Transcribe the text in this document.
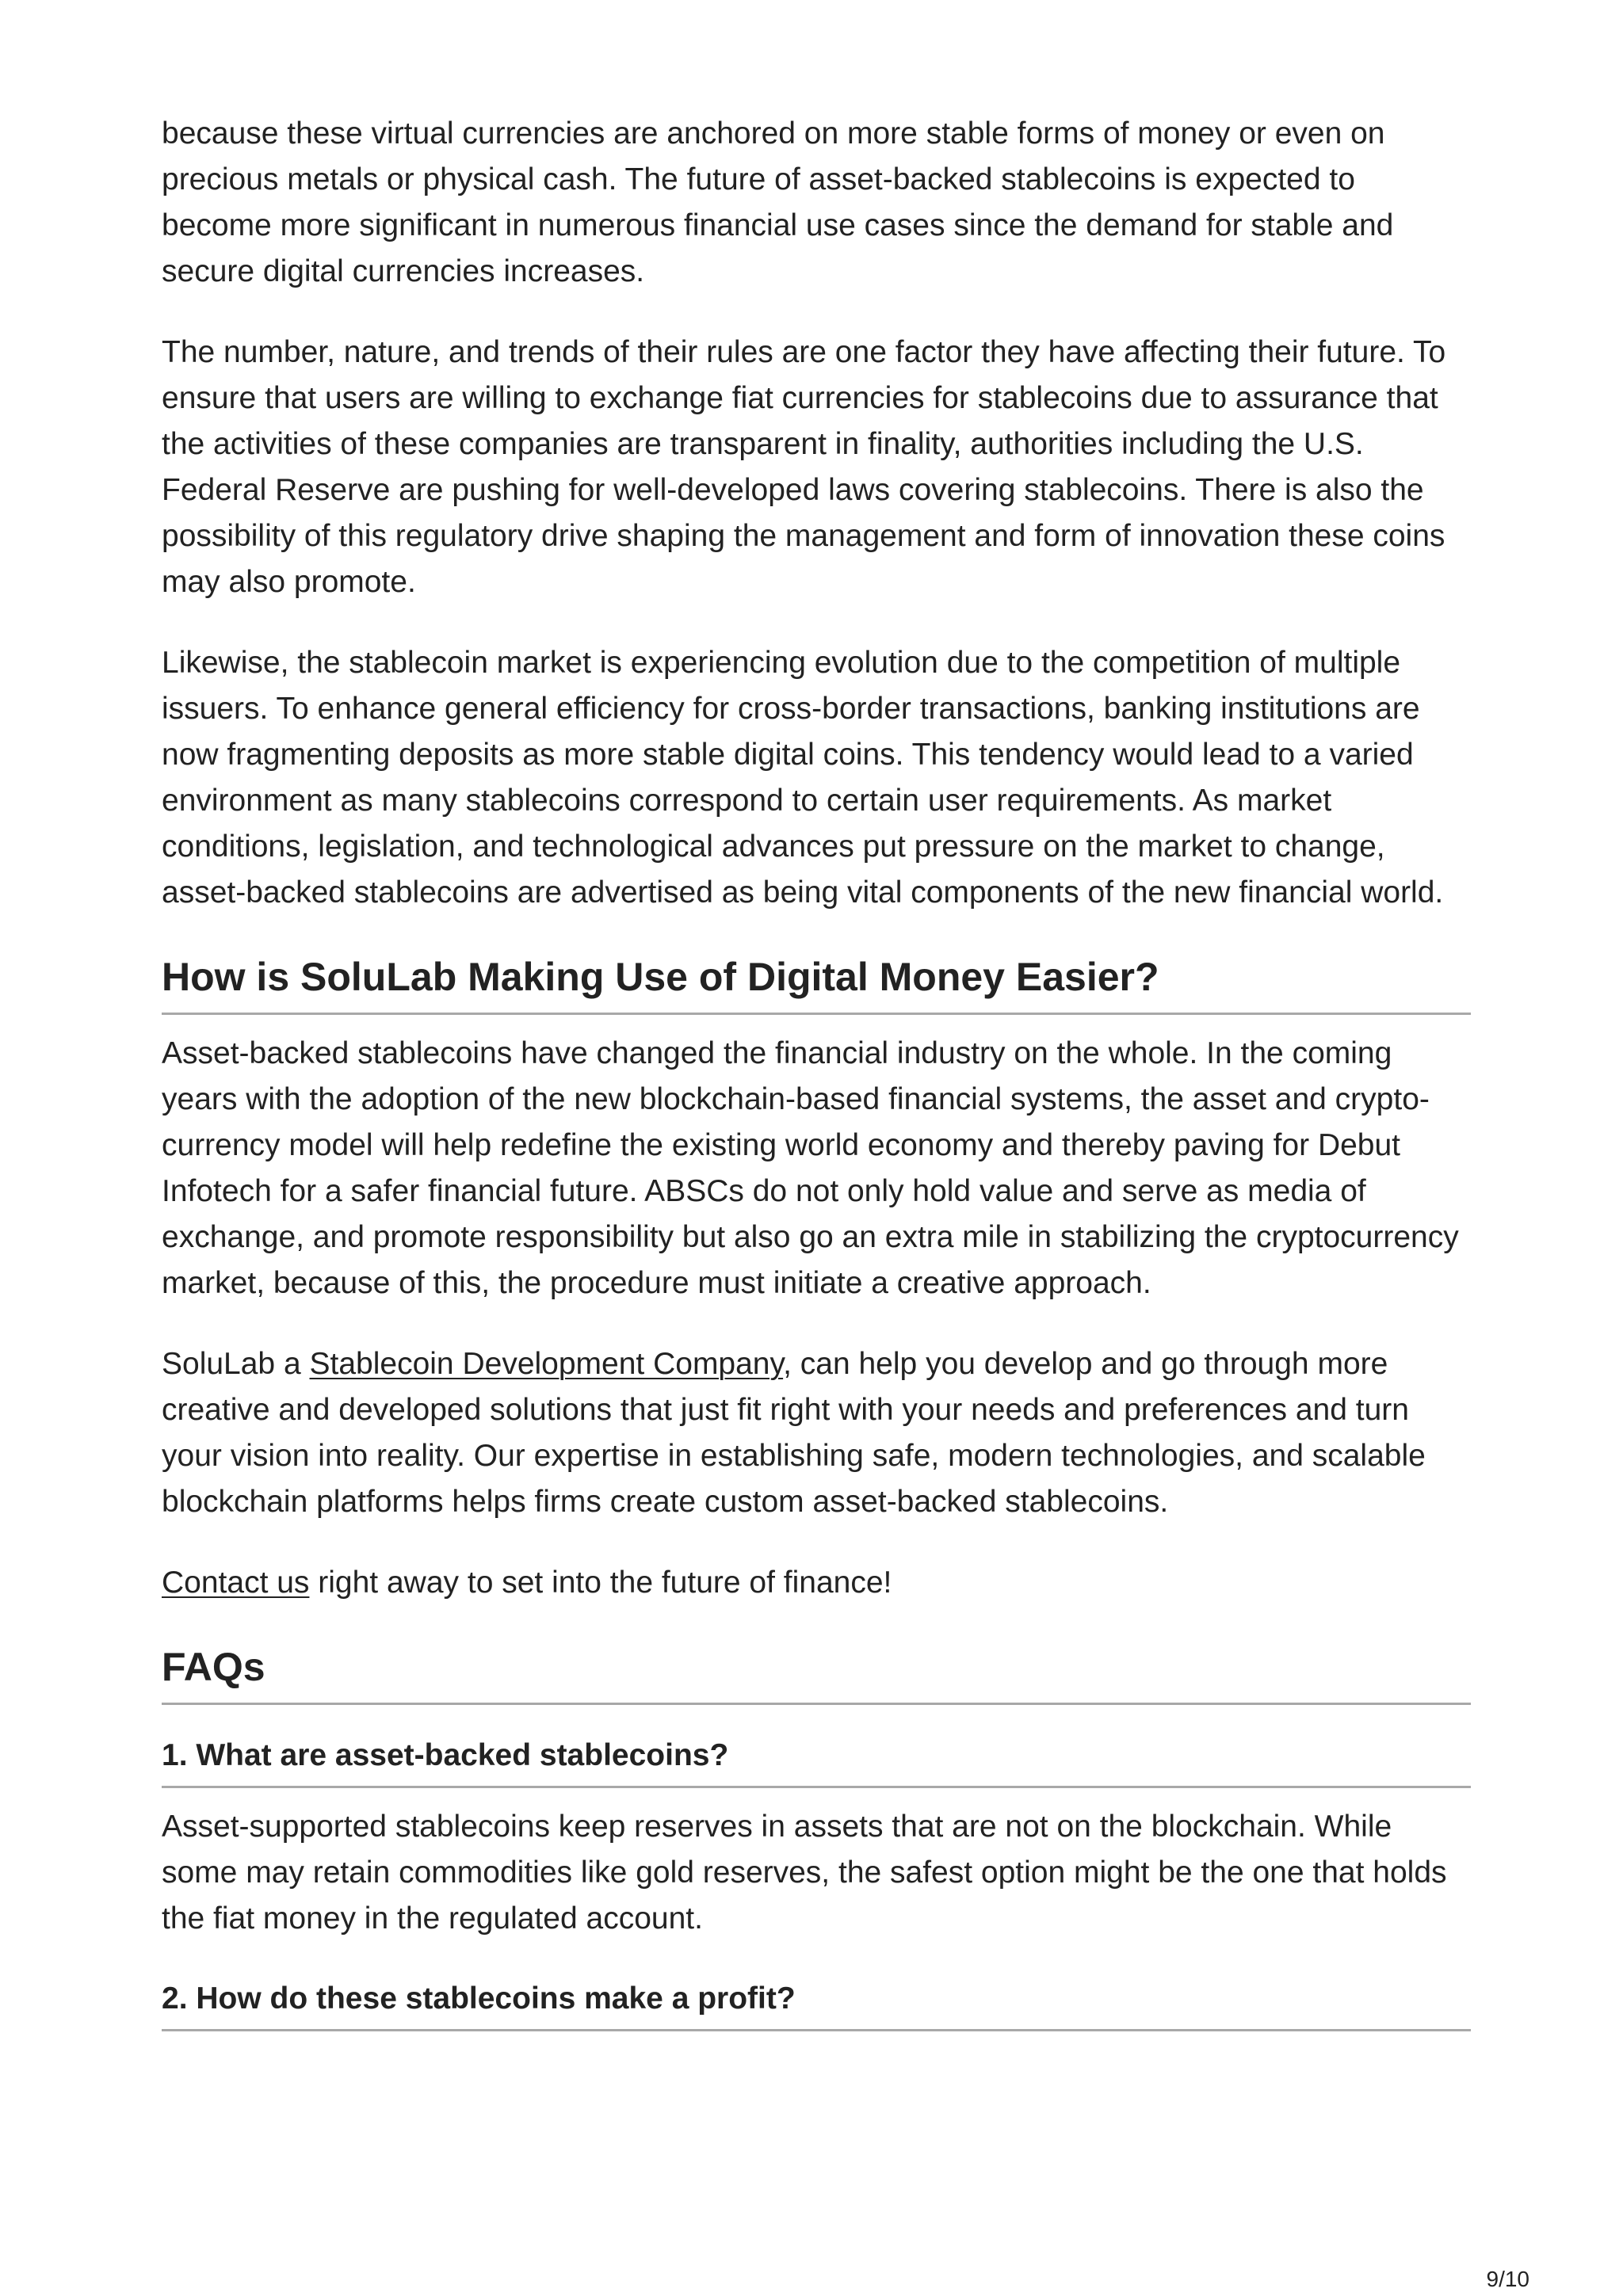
because these virtual currencies are anchored on more stable forms of money or even on precious metals or physical cash. The future of asset-backed stablecoins is expected to become more significant in numerous financial use cases since the demand for stable and secure digital currencies increases.

The number, nature, and trends of their rules are one factor they have affecting their future. To ensure that users are willing to exchange fiat currencies for stablecoins due to assurance that the activities of these companies are transparent in finality, authorities including the U.S. Federal Reserve are pushing for well-developed laws covering stablecoins. There is also the possibility of this regulatory drive shaping the management and form of innovation these coins may also promote.

Likewise, the stablecoin market is experiencing evolution due to the competition of multiple issuers. To enhance general efficiency for cross-border transactions, banking institutions are now fragmenting deposits as more stable digital coins. This tendency would lead to a varied environment as many stablecoins correspond to certain user requirements. As market conditions, legislation, and technological advances put pressure on the market to change, asset-backed stablecoins are advertised as being vital components of the new financial world.

How is SoluLab Making Use of Digital Money Easier?

Asset-backed stablecoins have changed the financial industry on the whole. In the coming years with the adoption of the new blockchain-based financial systems, the asset and crypto-currency model will help redefine the existing world economy and thereby paving for Debut Infotech for a safer financial future. ABSCs do not only hold value and serve as media of exchange, and promote responsibility but also go an extra mile in stabilizing the cryptocurrency market, because of this, the procedure must initiate a creative approach.

SoluLab a Stablecoin Development Company, can help you develop and go through more creative and developed solutions that just fit right with your needs and preferences and turn your vision into reality. Our expertise in establishing safe, modern technologies, and scalable blockchain platforms helps firms create custom asset-backed stablecoins.

Contact us right away to set into the future of finance!

FAQs
1. What are asset-backed stablecoins?

Asset-supported stablecoins keep reserves in assets that are not on the blockchain. While some may retain commodities like gold reserves, the safest option might be the one that holds the fiat money in the regulated account.

2. How do these stablecoins make a profit?
9/10
